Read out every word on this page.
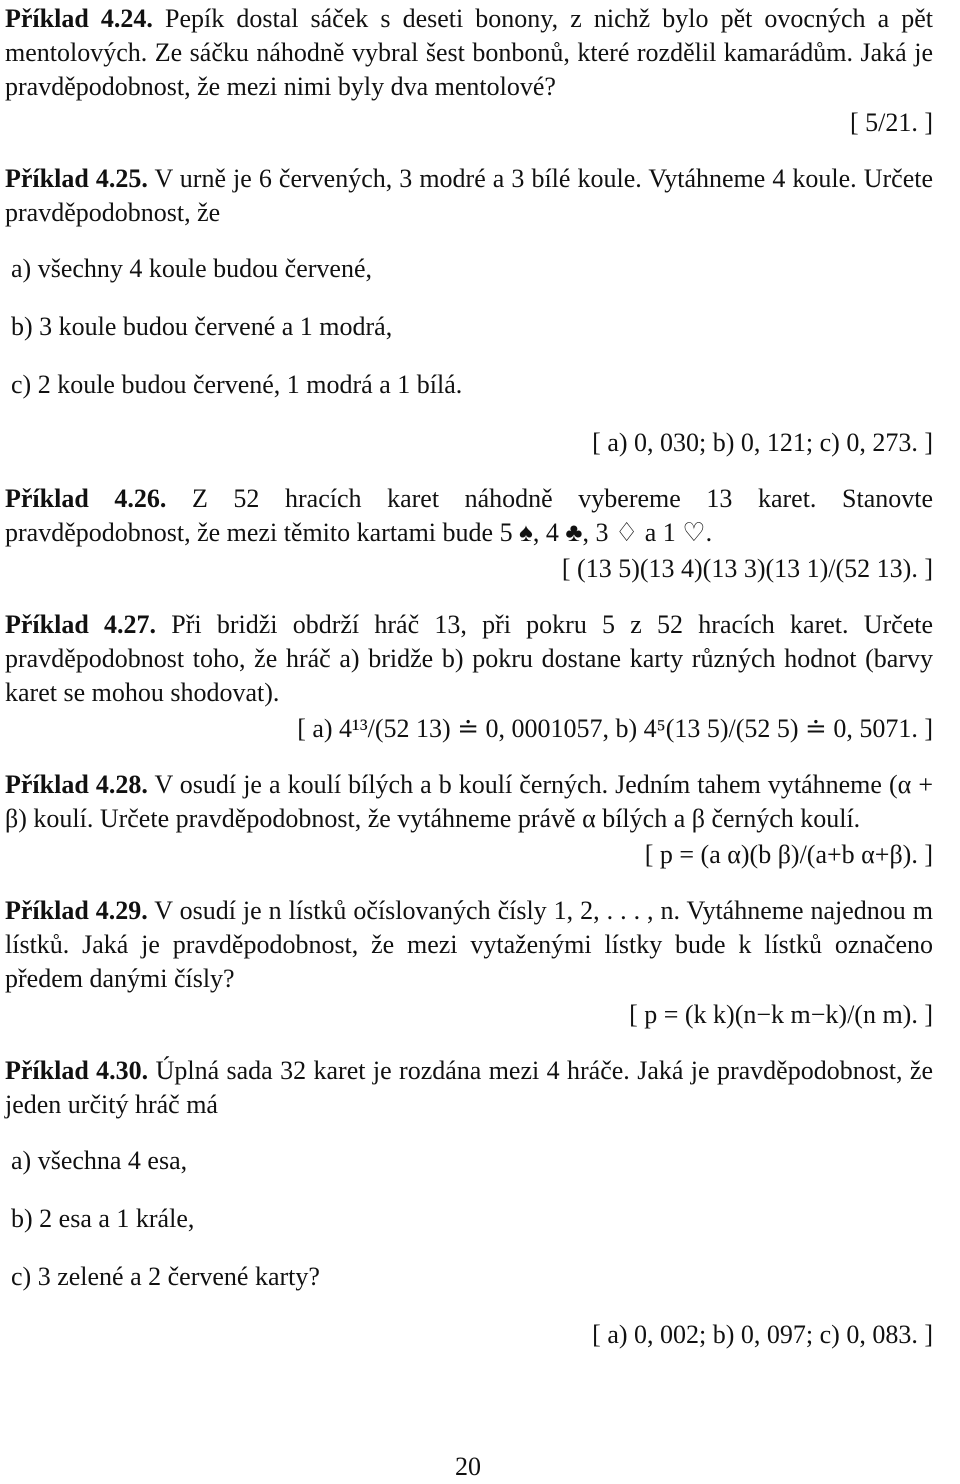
Příklad 4.24. Pepík dostal sáček s deseti bonony, z nichž bylo pět ovocných a pět mentolových. Ze sáčku náhodně vybral šest bonbonů, které rozdělil kamarádům. Jaká je pravděpodobnost, že mezi nimi byly dva mentolové?
[ 5/21. ]
Příklad 4.25. V urně je 6 červených, 3 modré a 3 bílé koule. Vytáhneme 4 koule. Určete pravděpodobnost, že
a) všechny 4 koule budou červené,
b) 3 koule budou červené a 1 modrá,
c) 2 koule budou červené, 1 modrá a 1 bílá.
[ a) 0, 030; b) 0, 121; c) 0, 273. ]
Příklad 4.26. Z 52 hracích karet náhodně vybereme 13 karet. Stanovte pravděpodobnost, že mezi těmito kartami bude 5 ♠, 4 ♣, 3 ♢ a 1 ♡.
[ (13 5)(13 4)(13 3)(13 1)/(52 13). ]
Příklad 4.27. Při bridži obdrží hráč 13, při pokru 5 z 52 hracích karet. Určete pravděpodobnost toho, že hráč a) bridže b) pokru dostane karty různých hodnot (barvy karet se mohou shodovat).
[ a) 4¹³/(52 13) ≐ 0, 0001057, b) 4⁵(13 5)/(52 5) ≐ 0, 5071. ]
Příklad 4.28. V osudí je a koulí bílých a b koulí černých. Jedním tahem vytáhneme (α + β) koulí. Určete pravděpodobnost, že vytáhneme právě α bílých a β černých koulí.
[ p = (a α)(b β)/(a+b α+β). ]
Příklad 4.29. V osudí je n lístků očíslovaných čísly 1, 2, . . . , n. Vytáhneme najednou m lístků. Jaká je pravděpodobnost, že mezi vytaženými lístky bude k lístků označeno předem danými čísly?
[ p = (k k)(n−k m−k)/(n m). ]
Příklad 4.30. Úplná sada 32 karet je rozdána mezi 4 hráče. Jaká je pravděpodobnost, že jeden určitý hráč má
a) všechna 4 esa,
b) 2 esa a 1 krále,
c) 3 zelené a 2 červené karty?
[ a) 0, 002; b) 0, 097; c) 0, 083. ]
20
